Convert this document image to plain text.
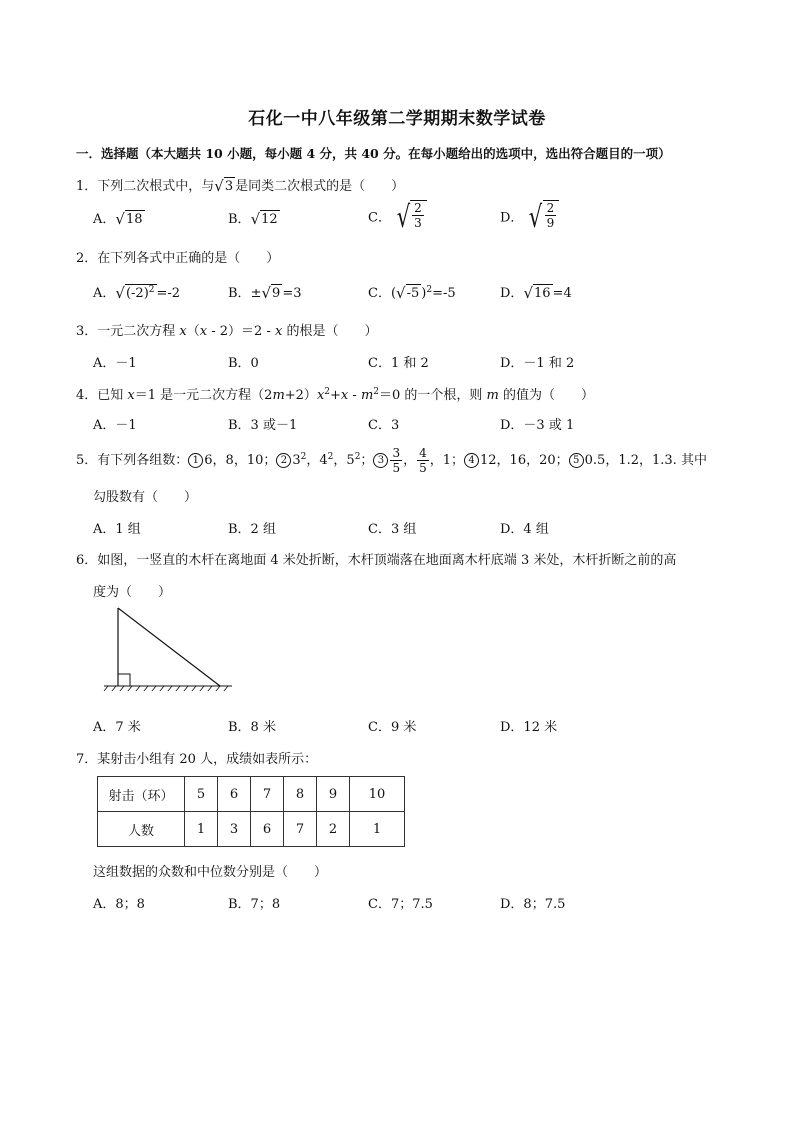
石化一中八年级第二学期期末数学试卷
一．选择题（本大题共 10 小题，每小题 4 分，共 40 分。在每小题给出的选项中，选出符合题目的一项）
1．下列二次根式中，与 √ 3 是同类二次根式的是（　　）
A． √ 18	B． √ 12	C． √ $\frac{2}{3}$	D． √ $\frac{2}{9}$
2．在下列各式中正确的是（　　）
A． √ $(-2)^2 =-2$	B．± √ 9 =3	C．( √ -5 )$^2$=-5	D． √ 16 =4
3．一元二次方程 x（x - 2）＝2 - x 的根是（　　）
A．－1	B．0	C．1 和 2	D．－1 和 2
4．已知 x＝1 是一元二次方程$(2m+2)x^2+x - m^2=0$ 的一个根，则 m 的值为（　　）
A．－1	B．3 或－1	C．3	D．－3 或 1
5．有下列各组数： 1 6，8，10； 2 $3^2$，$4^2$，$5^2$； $3 \frac{3}{5}$ ， $\frac{4}{5}$ ，1； 4 12，16，20； 5 0.5，1.2，1.3. 其中
勾股数有（　　）
A．1 组	B．2 组	C．3 组	D．4 组
6．如图，一竖直的木杆在离地面 4 米处折断，木杆顶端落在地面离木杆底端 3 米处，木杆折断之前的高
度为（　　）
A．7 米	B．8 米	C．9 米	D．12 米
7．某射击小组有 20 人，成绩如表所示：
射击（环）	5	6	7	8	9	10
人数	1	3	6	7	2	1
这组数据的众数和中位数分别是（　　）
A．8；8	B．7；8	C．7；7.5	D．8；7.5
